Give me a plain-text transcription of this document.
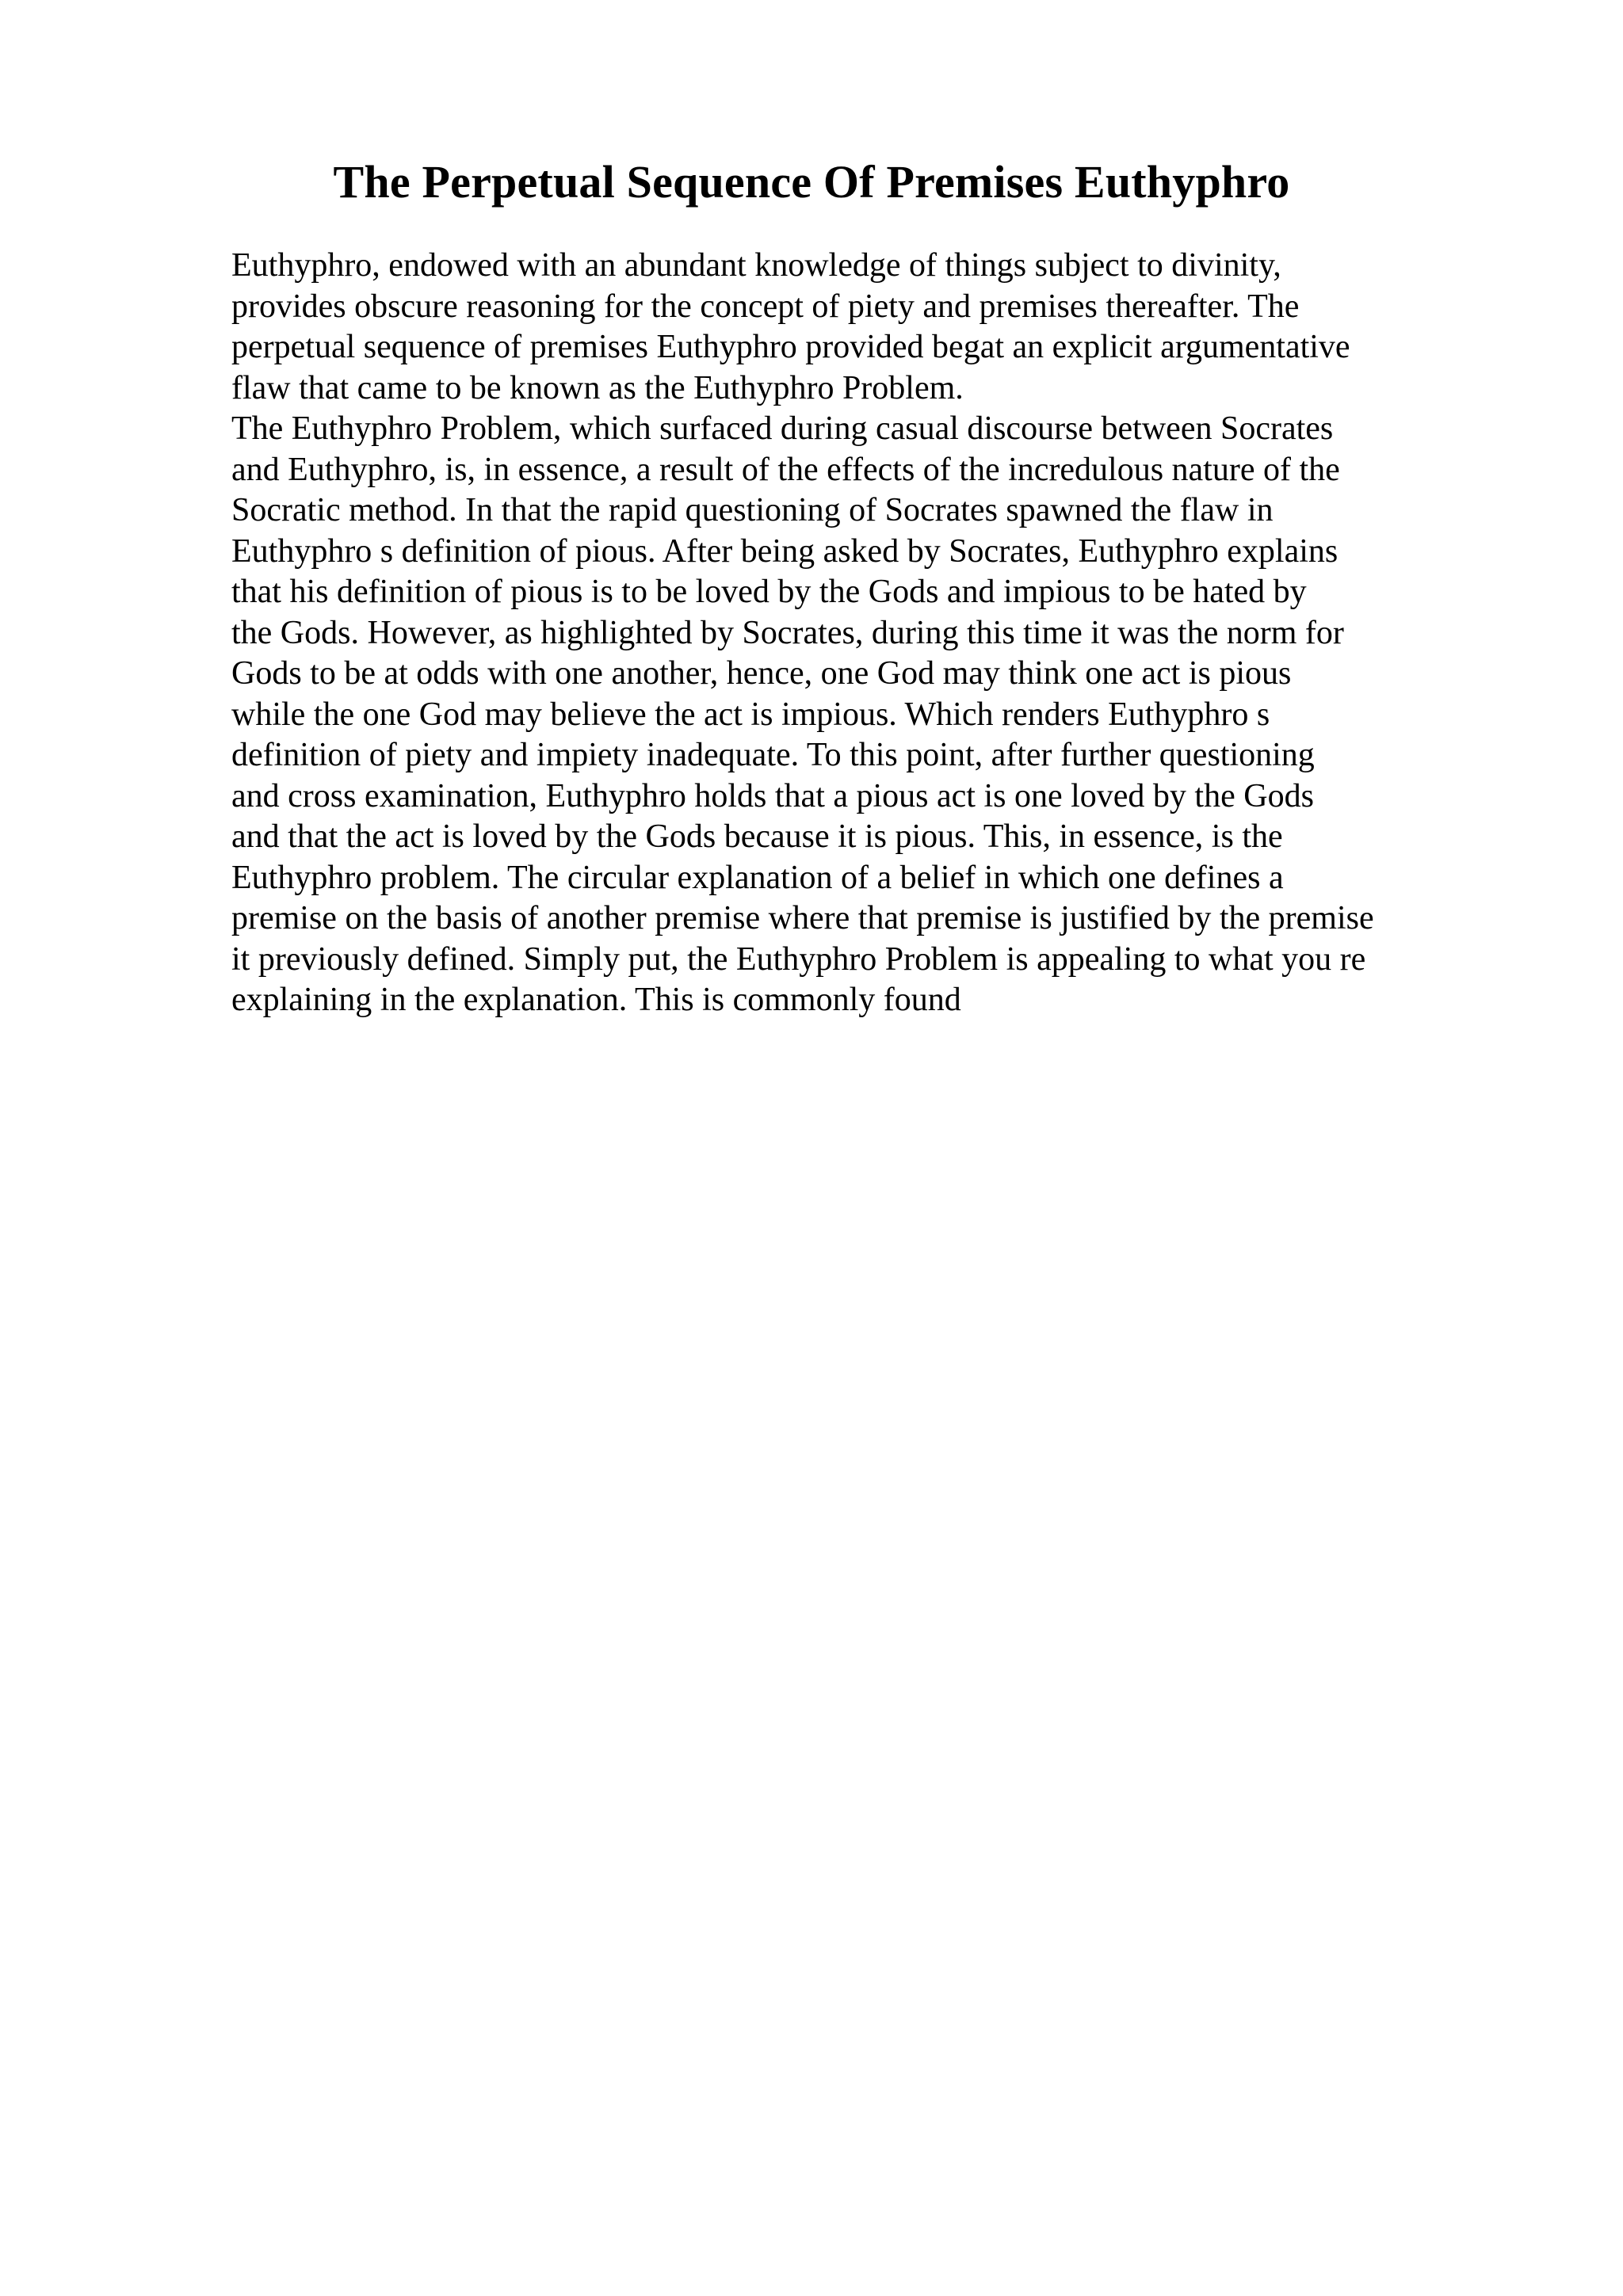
The Perpetual Sequence Of Premises Euthyphro
Euthyphro, endowed with an abundant knowledge of things subject to divinity,
provides obscure reasoning for the concept of piety and premises thereafter. The
perpetual sequence of premises Euthyphro provided begat an explicit argumentative
flaw that came to be known as the Euthyphro Problem.
The Euthyphro Problem, which surfaced during casual discourse between Socrates
and Euthyphro, is, in essence, a result of the effects of the incredulous nature of the
Socratic method. In that the rapid questioning of Socrates spawned the flaw in
Euthyphro s definition of pious. After being asked by Socrates, Euthyphro explains
that his definition of pious is to be loved by the Gods and impious to be hated by
the Gods. However, as highlighted by Socrates, during this time it was the norm for
Gods to be at odds with one another, hence, one God may think one act is pious
while the one God may believe the act is impious. Which renders Euthyphro s
definition of piety and impiety inadequate. To this point, after further questioning
and cross examination, Euthyphro holds that a pious act is one loved by the Gods
and that the act is loved by the Gods because it is pious. This, in essence, is the
Euthyphro problem. The circular explanation of a belief in which one defines a
premise on the basis of another premise where that premise is justified by the premise
it previously defined. Simply put, the Euthyphro Problem is appealing to what you re
explaining in the explanation. This is commonly found
